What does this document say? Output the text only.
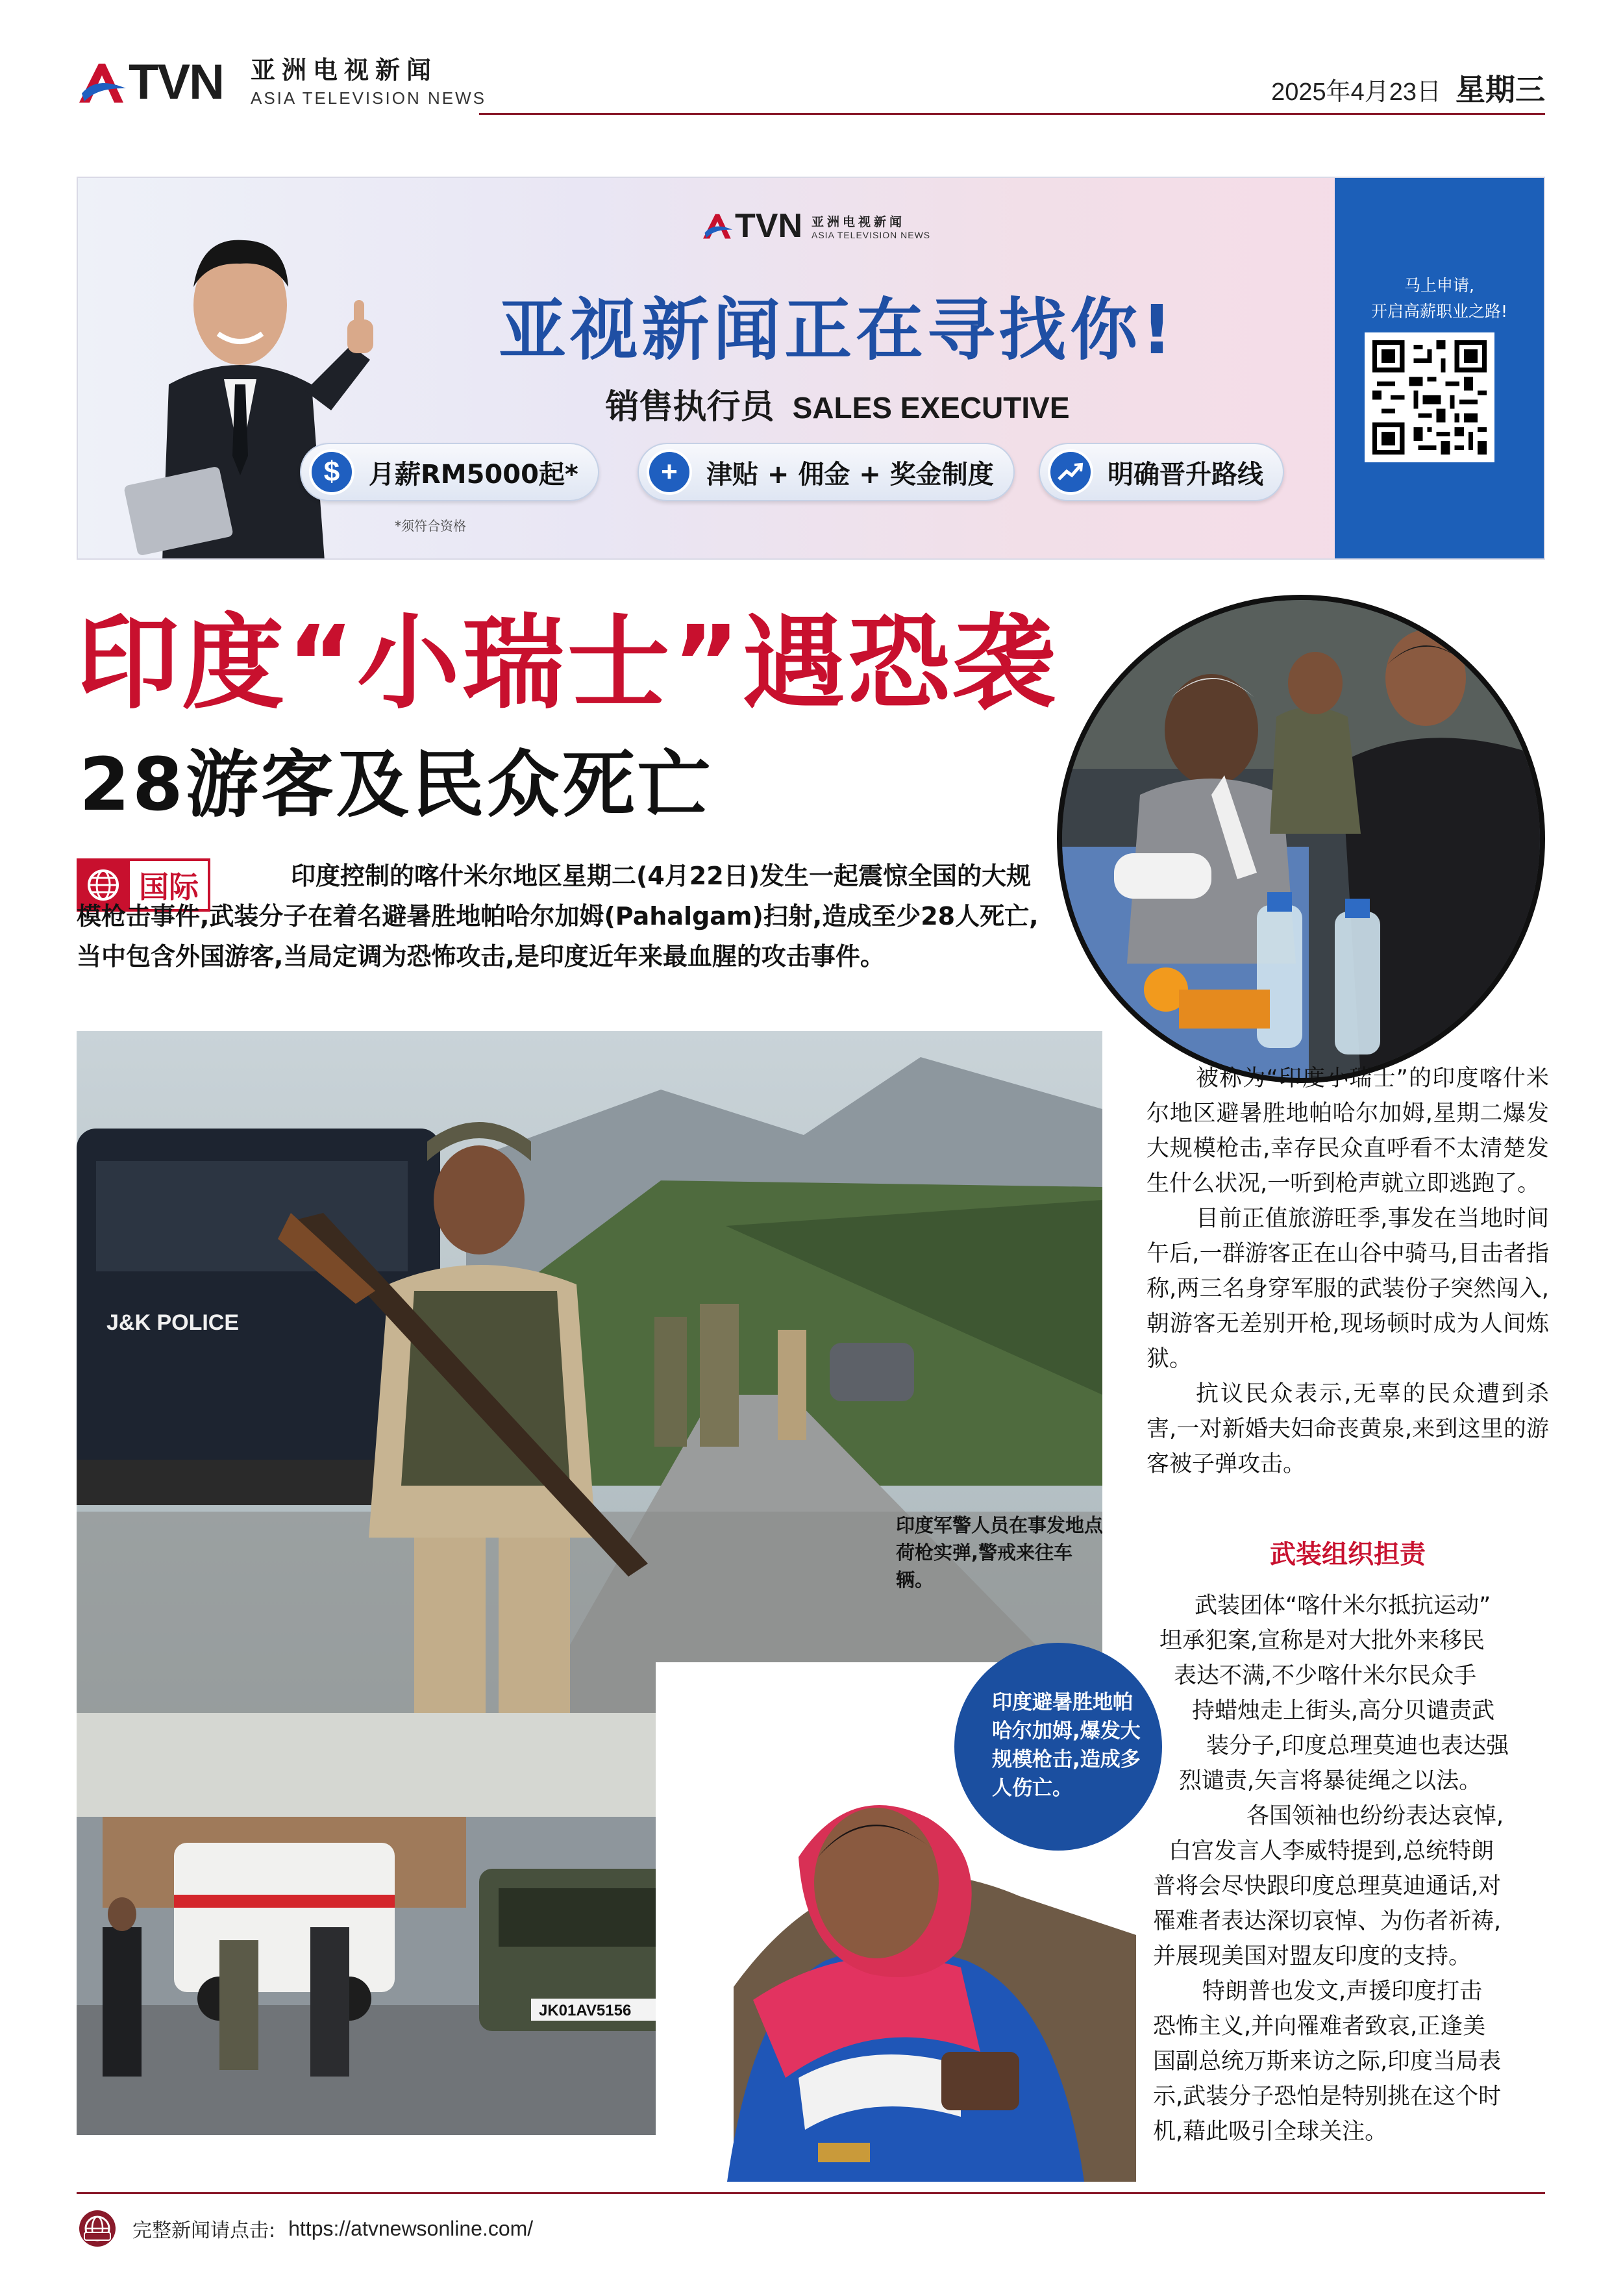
TVN 亚洲电视新闻
ASIA TELEVISION NEWS	2025年4月23日 星期三
TVN 亚洲电视新闻
ASIA TELEVISION NEWS
亚视新闻正在寻找你!
销售执行员 SALES EXECUTIVE
$	月薪RM5000起*	+	津贴 + 佣金 + 奖金制度	明确晋升路线
*须符合资格
马上申请,
开启高薪职业之路!
印度“小瑞士”遇恐袭
28游客及民众死亡
国际	印度控制的喀什米尔地区星期二(4月22日)发生一起震惊全国的大规模枪击事件,武装分子在着名避暑胜地帕哈尔加姆(Pahalgam)扫射,造成至少28人死亡,当中包含外国游客,当局定调为恐怖攻击,是印度近年来最血腥的攻击事件。
J&K POLICE
印度军警人员在事发地点荷枪实弹,警戒来往车辆。
JK01AV5156
印度避暑胜地帕哈尔加姆,爆发大规模枪击,造成多人伤亡。

被称为“印度小瑞士”的印度喀什米尔地区避暑胜地帕哈尔加姆,星期二爆发大规模枪击,幸存民众直呼看不太清楚发生什么状况,一听到枪声就立即逃跑了。

目前正值旅游旺季,事发在当地时间午后,一群游客正在山谷中骑马,目击者指称,两三名身穿军服的武装份子突然闯入,朝游客无差别开枪,现场顿时成为人间炼狱。

抗议民众表示,无辜的民众遭到杀害,一对新婚夫妇命丧黄泉,来到这里的游客被子弹攻击。

武装组织担责
武装团体“喀什米尔抵抗运动”
坦承犯案,宣称是对大批外来移民
表达不满,不少喀什米尔民众手
持蜡烛走上街头,高分贝谴责武
装分子,印度总理莫迪也表达强
烈谴责,矢言将暴徒绳之以法。
各国领袖也纷纷表达哀悼,
白宫发言人李威特提到,总统特朗
普将会尽快跟印度总理莫迪通话,对
罹难者表达深切哀悼、为伤者祈祷,
并展现美国对盟友印度的支持。
特朗普也发文,声援印度打击
恐怖主义,并向罹难者致哀,正逢美
国副总统万斯来访之际,印度当局表
示,武装分子恐怕是特别挑在这个时
机,藉此吸引全球关注。
完整新闻请点击: https://atvnewsonline.com/
